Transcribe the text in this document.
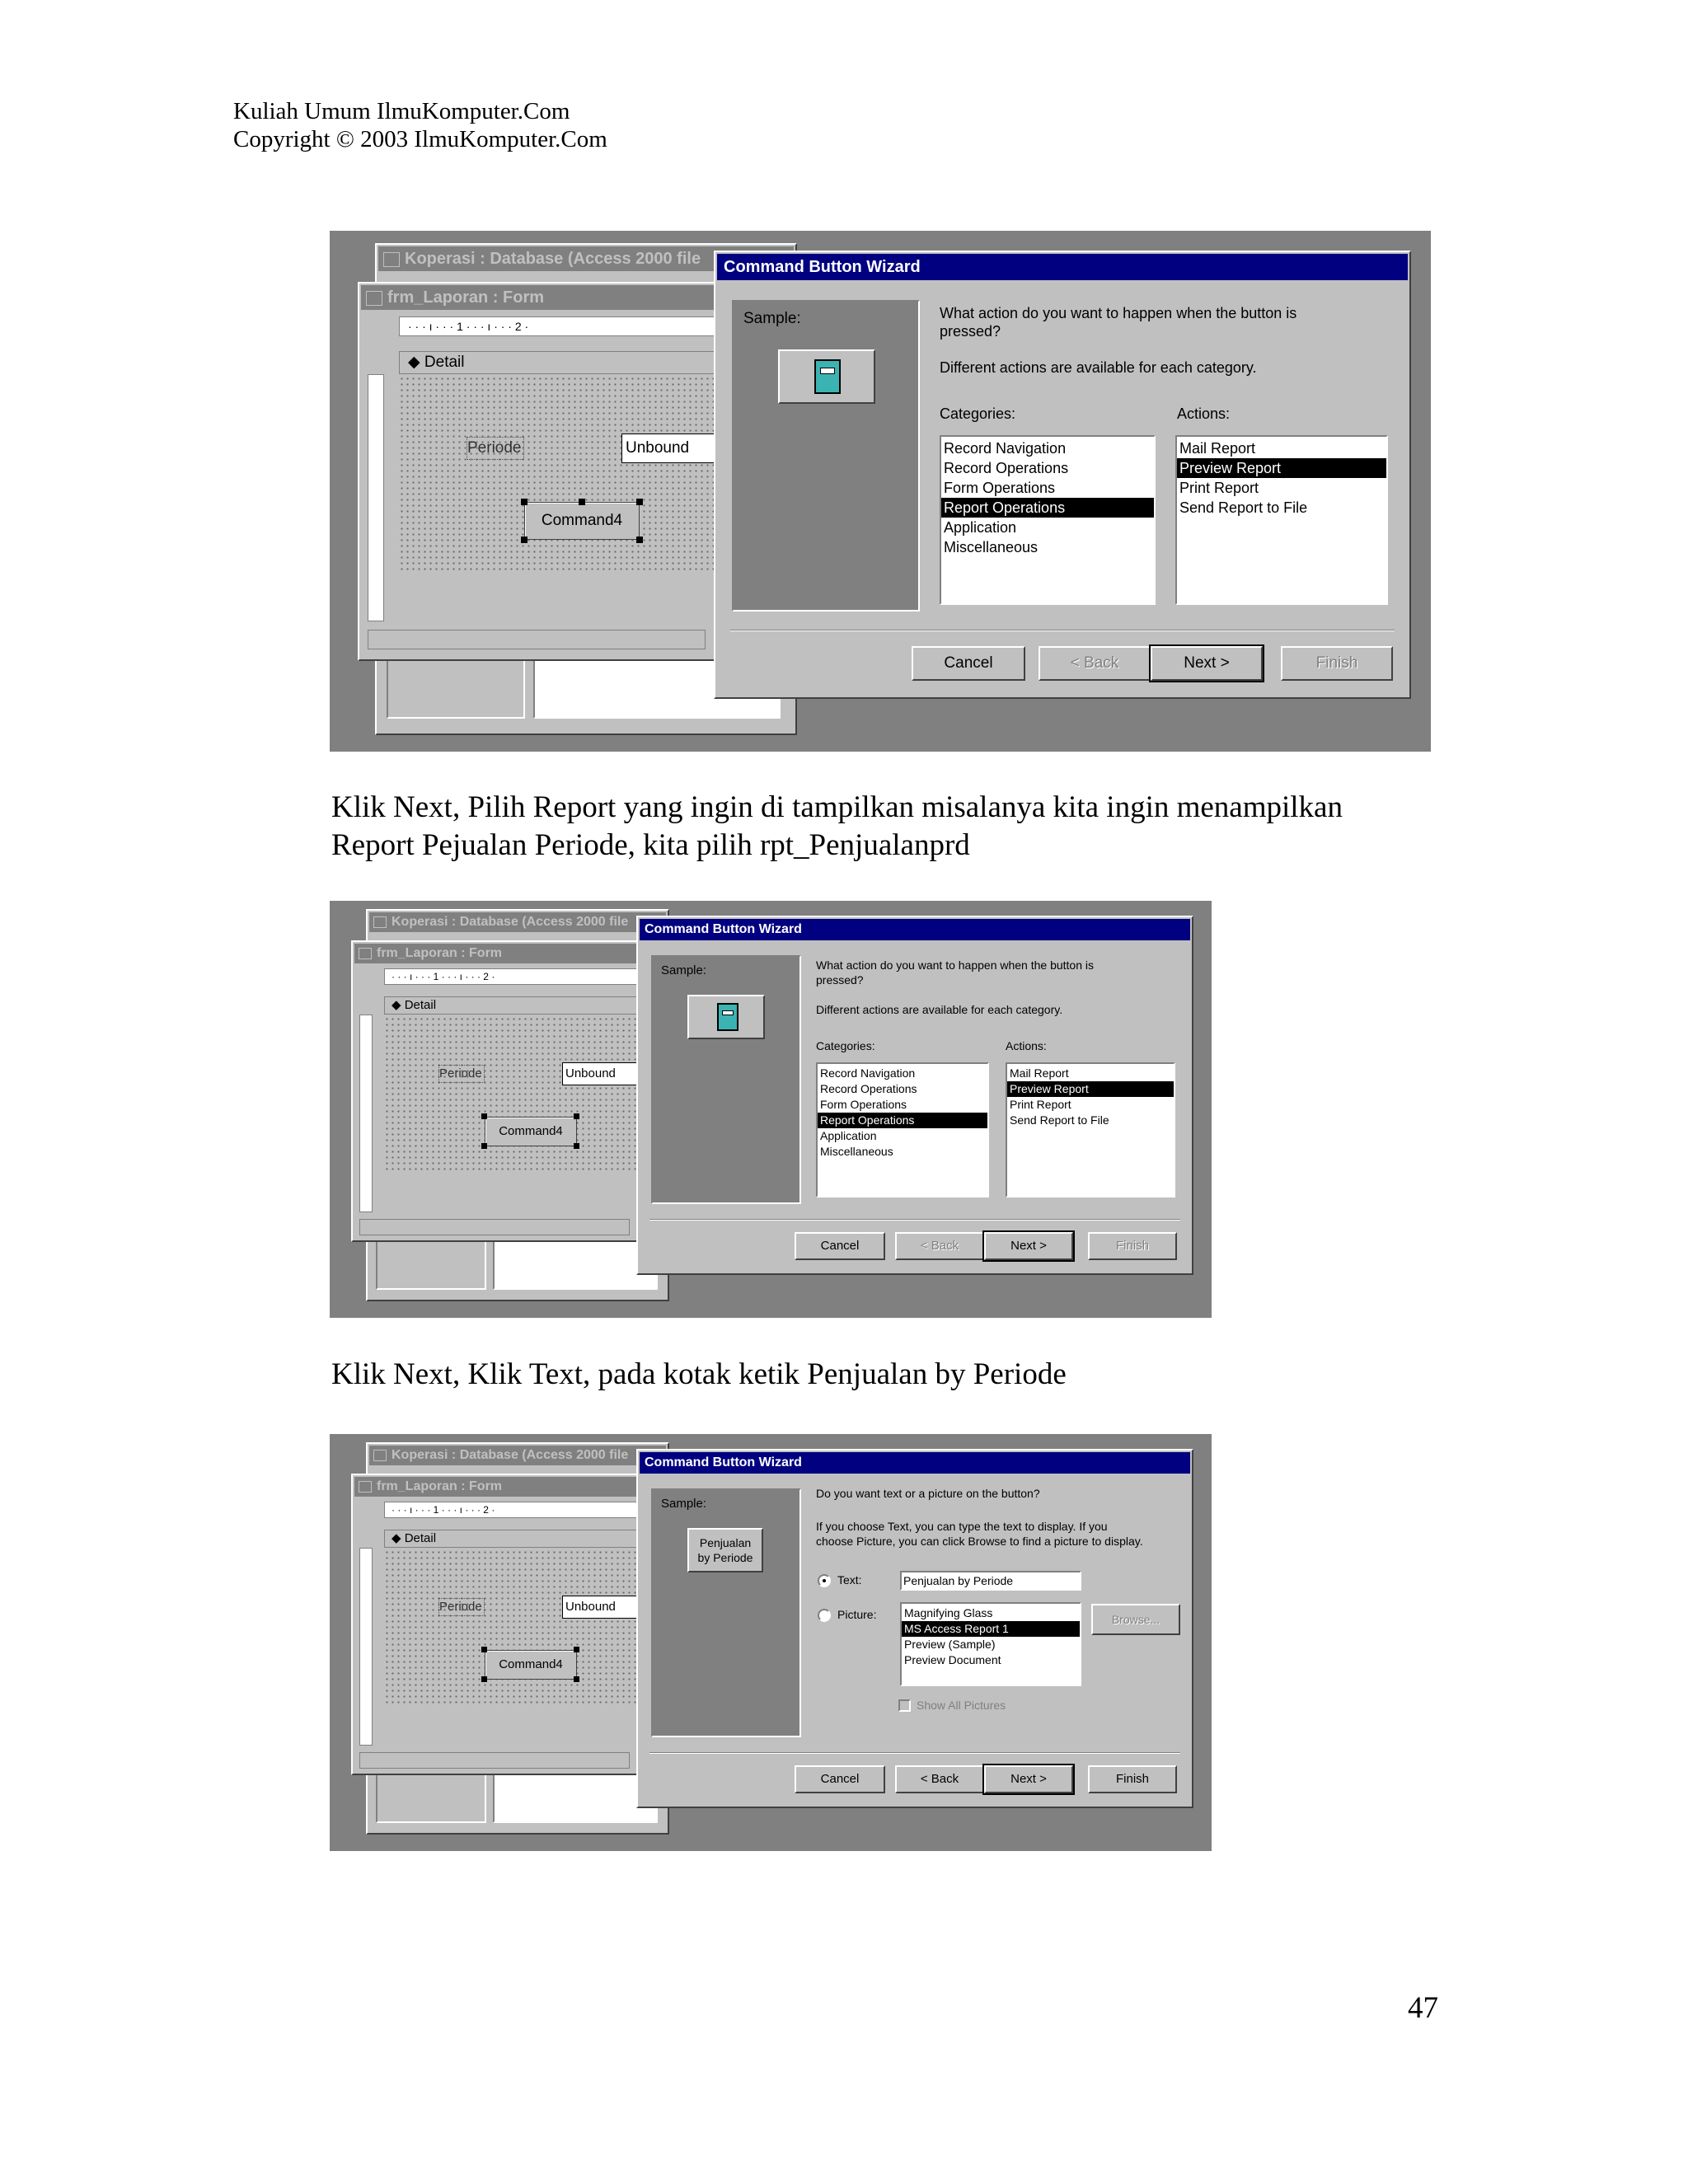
Kuliah Umum IlmuKomputer.Com
Copyright © 2003 IlmuKomputer.Com
Koperasi : Database (Access 2000 file
frm_Laporan : Form
· · · ı · · · 1 · · · ı · · · 2 ·
◆ Detail
Periode	Unbound
Command4
Command Button Wizard
Sample:	What action do you want to happen when the button is
pressed?
Different actions are available for each category.
Categories:	Actions:
Record Navigation
Record Operations
Form Operations
Report Operations
Application
Miscellaneous
Mail Report
Preview Report
Print Report
Send Report to File
Cancel	< Back	Next >	Finish
Klik Next, Pilih Report yang ingin di tampilkan misalanya kita ingin menampilkan
Report Pejualan Periode, kita pilih rpt_Penjualanprd
Koperasi : Database (Access 2000 file
frm_Laporan : Form
· · · ı · · · 1 · · · ı · · · 2 ·
◆ Detail
Periode	Unbound
Command4
Command Button Wizard
Sample:	What action do you want to happen when the button is
pressed?
Different actions are available for each category.
Categories:	Actions:
Record Navigation
Record Operations
Form Operations
Report Operations
Application
Miscellaneous
Mail Report
Preview Report
Print Report
Send Report to File
Cancel	< Back	Next >	Finish
Klik Next, Klik Text, pada kotak ketik Penjualan by Periode
Koperasi : Database (Access 2000 file
frm_Laporan : Form
· · · ı · · · 1 · · · ı · · · 2 ·
◆ Detail
Periode	Unbound
Command4
Command Button Wizard
Sample:
Penjualan
by Periode
Do you want text or a picture on the button?
If you choose Text, you can type the text to display. If you
choose Picture, you can click Browse to find a picture to display.
Text:	Penjualan by Periode
Picture: Magnifying Glass
MS Access Report 1
Preview (Sample)
Preview Document
Browse...
Show All Pictures
Cancel	< Back	Next >	Finish
47
